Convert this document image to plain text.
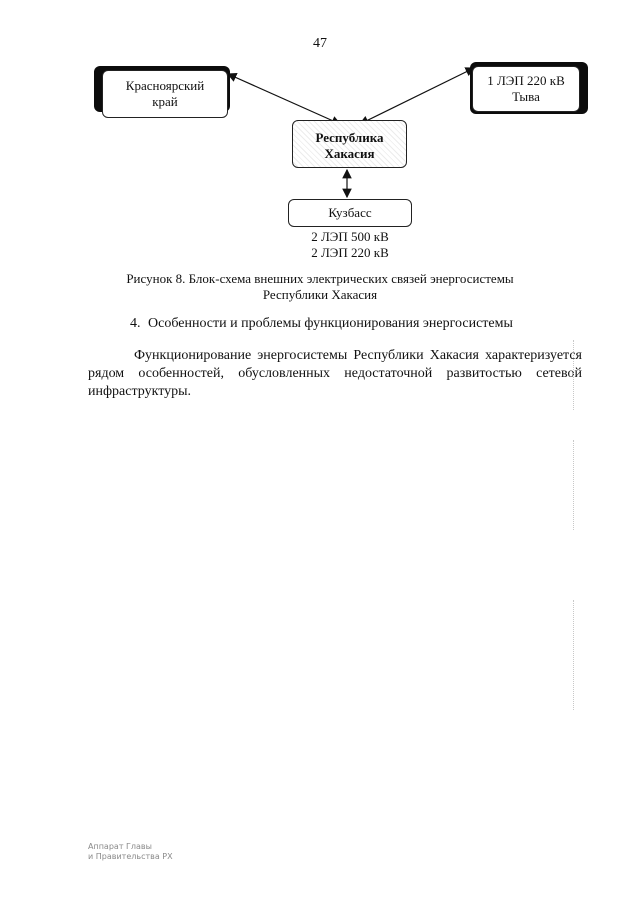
47
Красноярский
край
1 ЛЭП 220 кВ
Тыва
Республика
Хакасия
Кузбасс
2 ЛЭП 500 кВ
2 ЛЭП 220 кВ
Рисунок 8. Блок-схема внешних электрических связей энергосистемы
Республики Хакасия
4. Особенности и проблемы функционирования энергосистемы
Функционирование энергосистемы Республики Хакасия характеризуется рядом особенностей, обусловленных недостаточной развитостью сетевой инфраструктуры.
Аппарат Главы
и Правительства РХ
